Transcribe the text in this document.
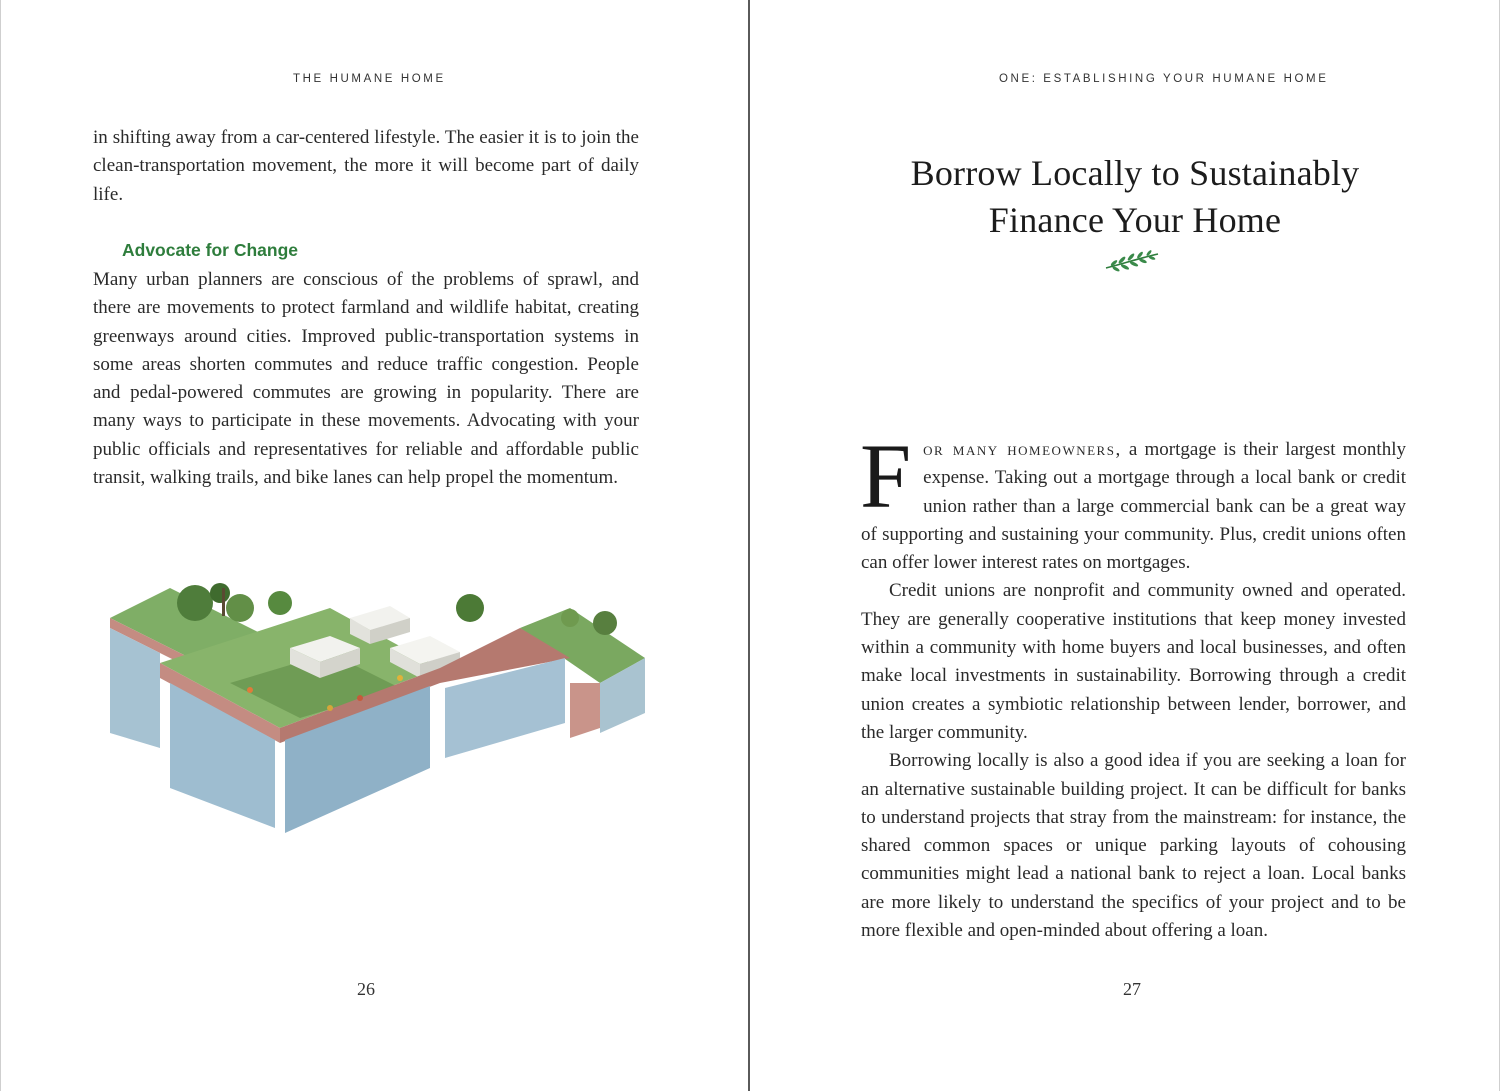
THE HUMANE HOME

in shifting away from a car-centered lifestyle. The easier it is to join the clean-transportation movement, the more it will become part of daily life.

Advocate for Change

Many urban planners are conscious of the problems of sprawl, and there are movements to protect farmland and wildlife habitat, creating greenways around cities. Improved public-transportation systems in some areas shorten commutes and reduce traffic congestion. People and pedal-powered commutes are growing in popularity. There are many ways to participate in these movements. Advocating with your public officials and representatives for reliable and affordable public transit, walking trails, and bike lanes can help propel the momentum.

26
ONE: ESTABLISHING YOUR HUMANE HOME
Borrow Locally to Sustainably
Finance Your Home

For many homeowners, a mortgage is their largest monthly expense. Taking out a mortgage through a local bank or credit union rather than a large commercial bank can be a great way of supporting and sustaining your community. Plus, credit unions often can offer lower interest rates on mortgages.

Credit unions are nonprofit and community owned and operated. They are generally cooperative institutions that keep money invested within a community with home buyers and local businesses, and often make local investments in sustainability. Borrowing through a credit union creates a symbiotic relationship between lender, borrower, and the larger community.

Borrowing locally is also a good idea if you are seeking a loan for an alternative sustainable building project. It can be difficult for banks to understand projects that stray from the mainstream: for instance, the shared common spaces or unique parking layouts of cohousing communities might lead a national bank to reject a loan. Local banks are more likely to understand the specifics of your project and to be more flexible and open-minded about offering a loan.

27
